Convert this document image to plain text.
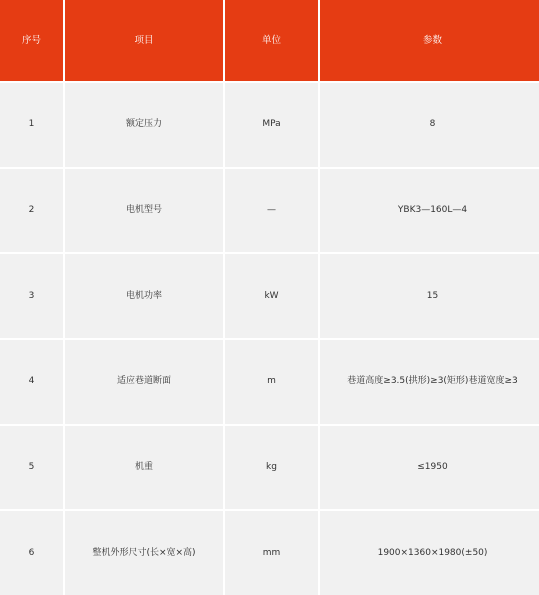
序号	项目	单位	参数
1	额定压力	MPa	8
2	电机型号	—	YBK3—160L—4
3	电机功率	kW	15
4	适应巷道断面	m	巷道高度≥3.5(拱形)≥3(矩形)巷道宽度≥3
5	机重	kg	≤1950
6	整机外形尺寸(长×宽×高)	mm	1900×1360×1980(±50)
